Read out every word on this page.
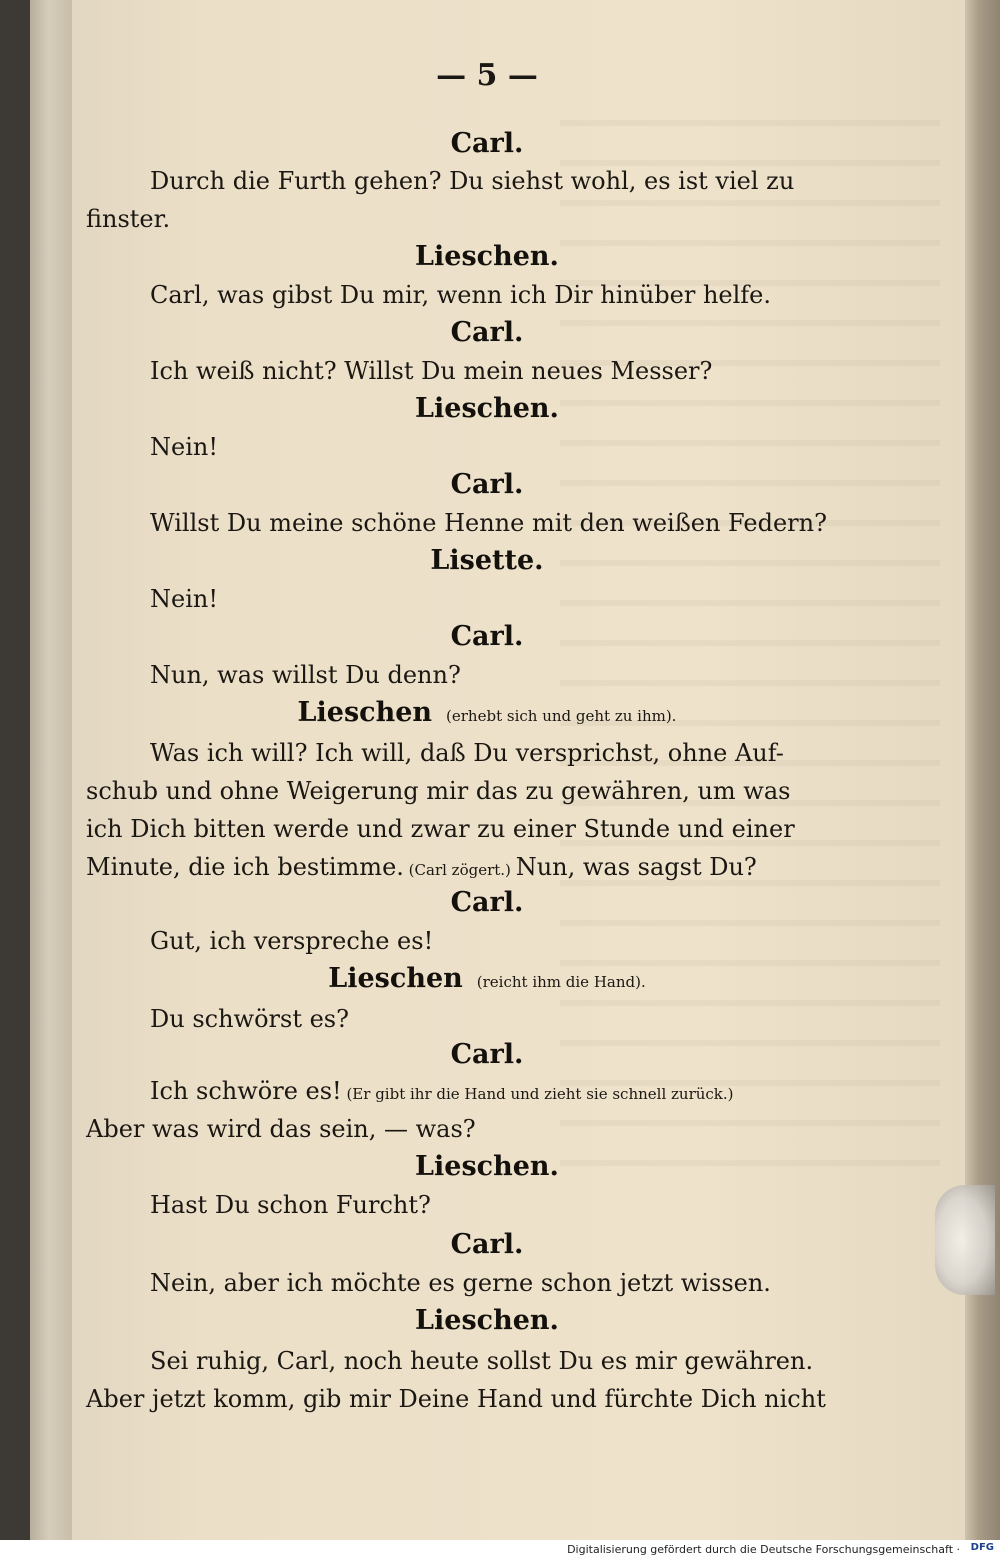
— 5 —
Carl.
Durch die Furth gehen? Du siehst wohl, es ist viel zu
finster.
Lieschen.
Carl, was gibst Du mir, wenn ich Dir hinüber helfe.
Carl.
Ich weiß nicht? Willst Du mein neues Messer?
Lieschen.
Nein!
Carl.
Willst Du meine schöne Henne mit den weißen Federn?
Lisette.
Nein!
Carl.
Nun, was willst Du denn?
Lieschen (erhebt sich und geht zu ihm).
Was ich will? Ich will, daß Du versprichst, ohne Auf-
schub und ohne Weigerung mir das zu gewähren, um was
ich Dich bitten werde und zwar zu einer Stunde und einer
Minute, die ich bestimme. (Carl zögert.) Nun, was sagst Du?
Carl.
Gut, ich verspreche es!
Lieschen (reicht ihm die Hand).
Du schwörst es?
Carl.
Ich schwöre es! (Er gibt ihr die Hand und zieht sie schnell zurück.)
Aber was wird das sein, — was?
Lieschen.
Hast Du schon Furcht?
Carl.
Nein, aber ich möchte es gerne schon jetzt wissen.
Lieschen.
Sei ruhig, Carl, noch heute sollst Du es mir gewähren.
Aber jetzt komm, gib mir Deine Hand und fürchte Dich nicht
Digitalisierung gefördert durch die Deutsche Forschungsgemeinschaft · DFG
